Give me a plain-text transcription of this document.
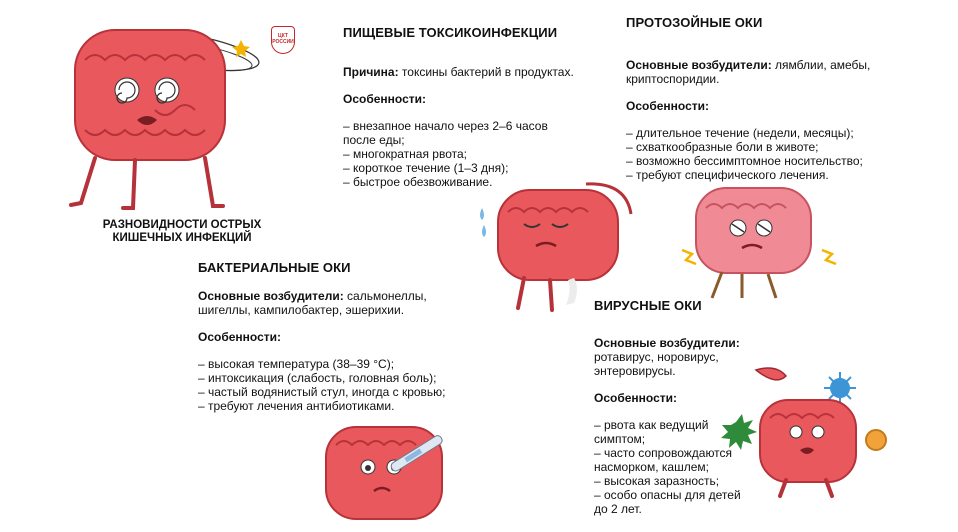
ЦКТ РОССИИ
РАЗНОВИДНОСТИ ОСТРЫХ КИШЕЧНЫХ ИНФЕКЦИЙ

ПИЩЕВЫЕ ТОКСИКОИНФЕКЦИИ

Причина: токсины бактерий в продуктах.

Особенности:

– внезапное начало через 2–6 часов после еды;
– многократная рвота;
– короткое течение (1–3 дня);
– быстрое обезвоживание.

ПРОТОЗОЙНЫЕ ОКИ

Основные возбудители: лямблии, амебы, криптоспоридии.

Особенности:

– длительное течение (недели, месяцы);
– схваткообразные боли в животе;
– возможно бессимптомное носительство;
– требуют специфического лечения.

БАКТЕРИАЛЬНЫЕ ОКИ

Основные возбудители: сальмонеллы, шигеллы, кампилобактер, эшерихии.

Особенности:

– высокая температура (38–39 °С);
– интоксикация (слабость, головная боль);
– частый водянистый стул, иногда с кровью;
– требуют лечения антибиотиками.

ВИРУСНЫЕ ОКИ

Основные возбудители:

ротавирус, норовирус, энтеровирусы.

Особенности:

– рвота как ведущий симптом;
– часто сопровождаются насморком, кашлем;
– высокая заразность;
– особо опасны для детей до 2 лет.
